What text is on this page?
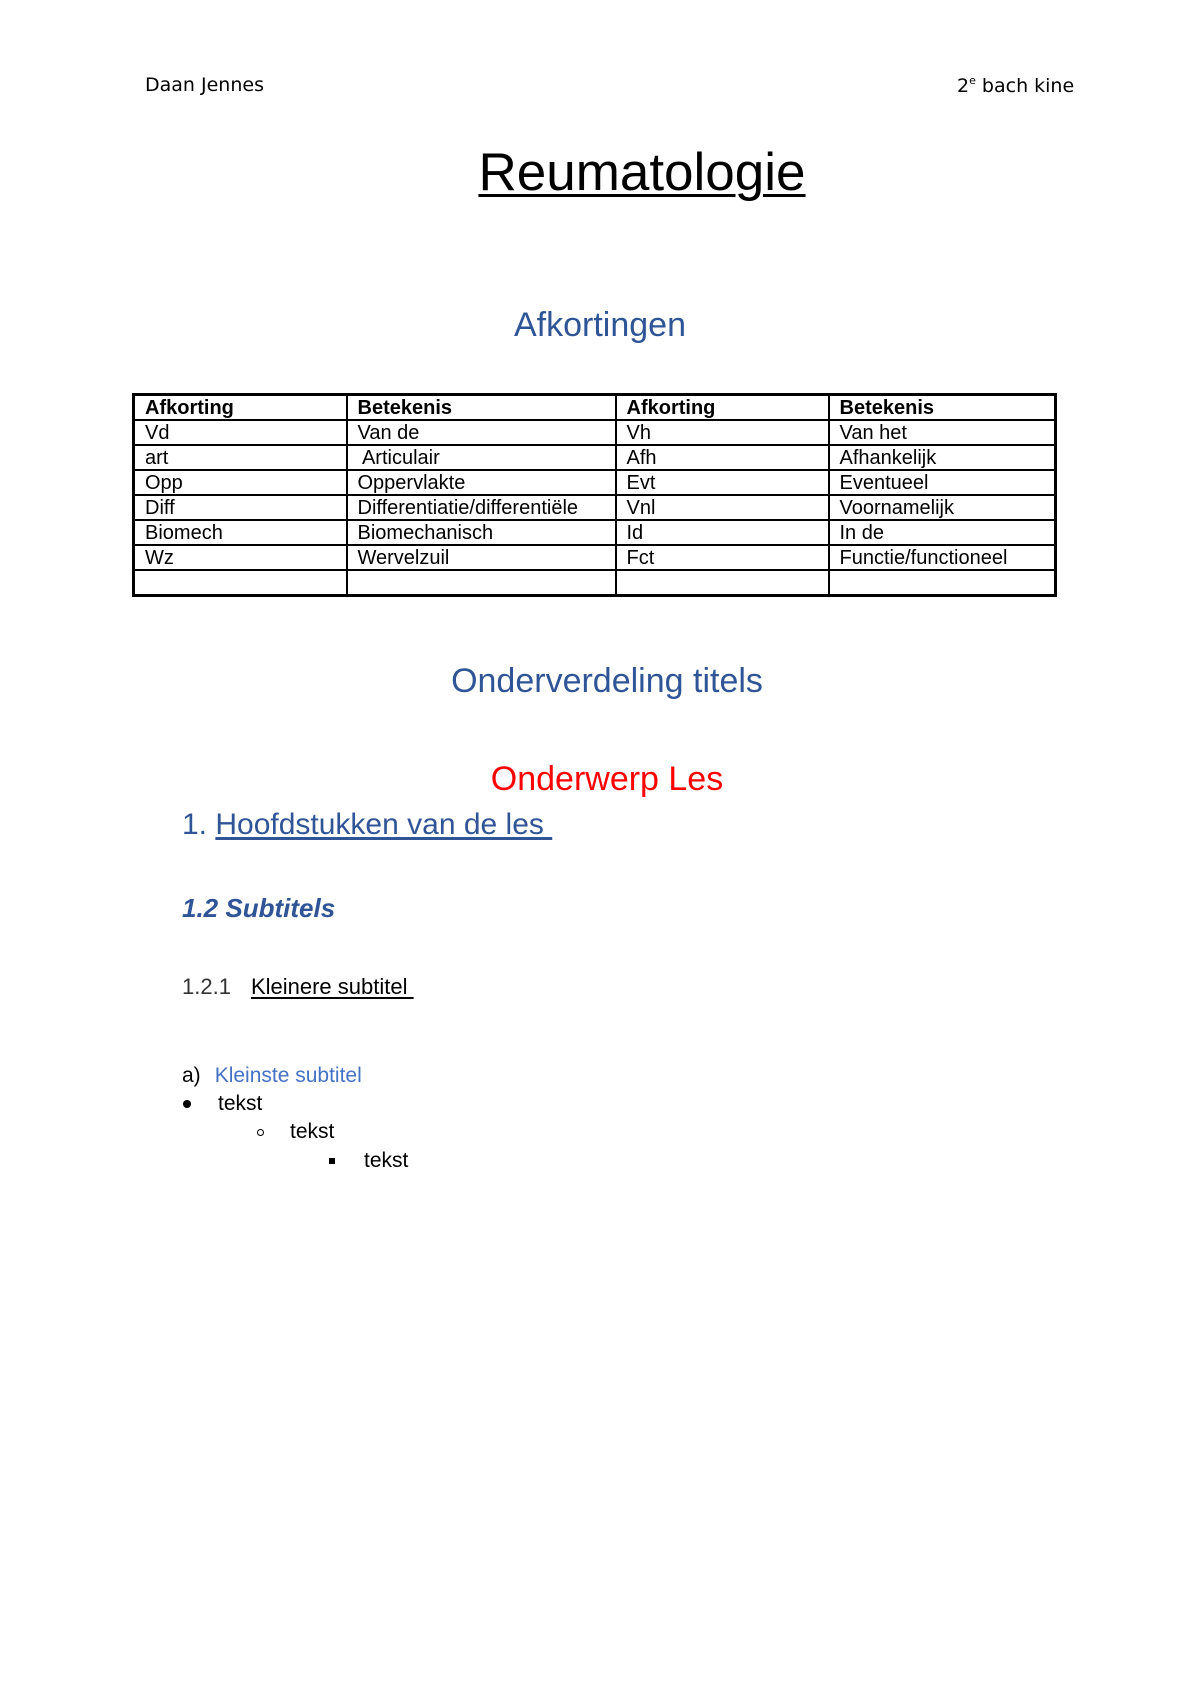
Daan Jennes	2e bach kine
Reumatologie
Afkortingen
Afkorting	Betekenis	Afkorting	Betekenis
Vd	Van de	Vh	Van het
art	Articulair	Afh	Afhankelijk
Opp	Oppervlakte	Evt	Eventueel
Diff	Differentiatie/differentiële	Vnl	Voornamelijk
Biomech	Biomechanisch	Id	In de
Wz	Wervelzuil	Fct	Functie/functioneel

Onderverdeling titels
Onderwerp Les
1. Hoofdstukken van de les
1.2 Subtitels
1.2.1 Kleinere subtitel
a) Kleinste subtitel
tekst
tekst
tekst
